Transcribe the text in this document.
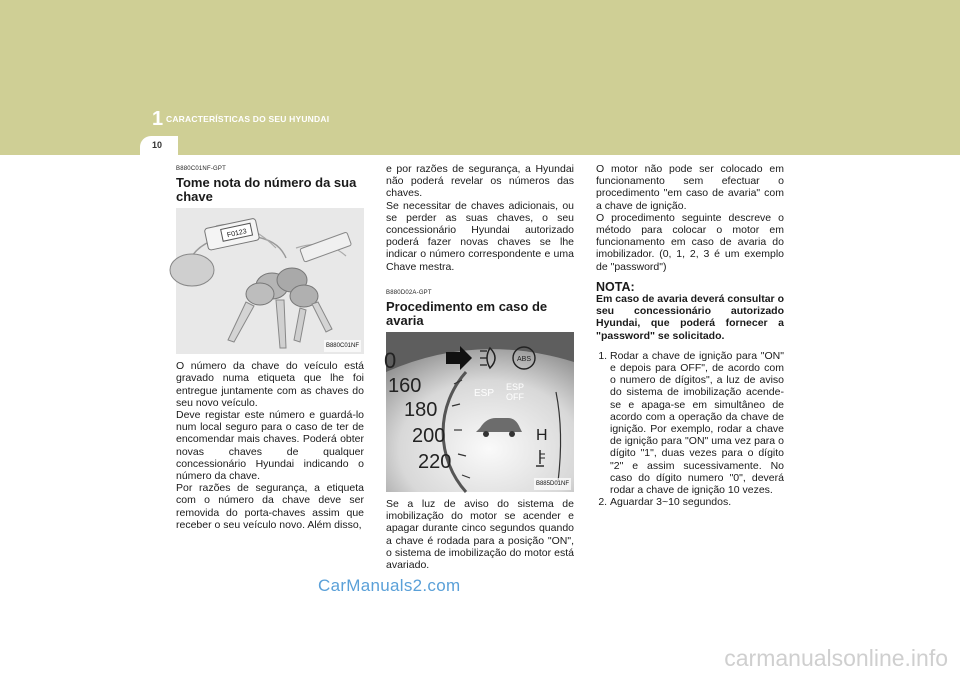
1 CARACTERÍSTICAS DO SEU HYUNDAI
10
B880C01NF-GPT
Tome nota do número da sua chave
F0123
B880C01NF

O número da chave do veículo está gravado numa etiqueta que lhe foi entregue juntamente com as chaves do seu novo veículo.

Deve registar este número e guardá-lo num local seguro para o caso de ter de encomendar mais chaves. Poderá obter novas chaves de qualquer concessionário Hyundai indicando o número da chave.

Por razões de segurança, a etiqueta com o número da chave deve ser removida do porta-chaves assim que receber o seu veículo novo. Além disso,

e por razões de segurança, a Hyundai não poderá revelar os números das chaves.

Se necessitar de chaves adicionais, ou se perder as suas chaves, o seu concessionário Hyundai autorizado poderá fazer novas chaves se lhe indicar o número correspondente e uma Chave mestra.

B880D02A-GPT
Procedimento em caso de avaria
ABS
ESP
ESP
OFF
0
160
180
200
220
H
B885D01NF

Se a luz de aviso do sistema de imobilização do motor se acender e apagar durante cinco segundos quando a chave é rodada para a posição "ON", o sistema de imobilização do motor está avariado.

O motor não pode ser colocado em funcionamento sem efectuar o procedimento "em caso de avaria" com a chave de ignição.

O procedimento seguinte descreve o método para colocar o motor em funcionamento em caso de avaria do imobilizador. (0, 1, 2, 3 é um exemplo de "password")

NOTA:

Em caso de avaria deverá consultar o seu concessionário autorizado Hyundai, que poderá fornecer a "password" se solicitado.

1. Rodar a chave de ignição para "ON" e depois para OFF", de acordo com o numero de dígitos", a luz de aviso do sistema de imobilização acende-se e apaga-se em simultâneo de acordo com a operação da chave de ignição. Por exemplo, rodar a chave de ignição para "ON" uma vez para o dígito "1", duas vezes para o dígito "2" e assim sucessivamente. No caso do dígito numero "0", deverá rodar a chave de ignição 10 vezes.
2. Aguardar 3~10 segundos.
CarManuals2.com
carmanualsonline.info
